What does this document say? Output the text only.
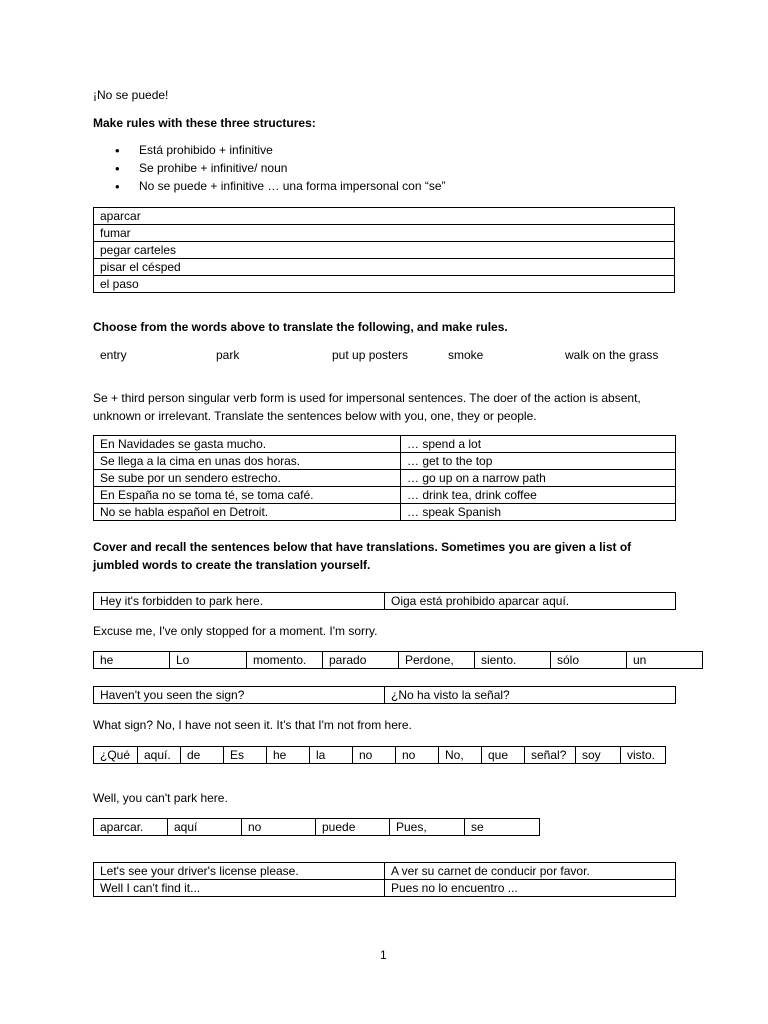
¡No se puede!
Make rules with these three structures:
• Está prohibido + infinitive
• Se prohibe + infinitive/ noun
• No se puede + infinitive … una forma impersonal con “se”
aparcar
fumar
pegar carteles
pisar el césped
el paso
Choose from the words above to translate the following, and make rules.
entry	park	put up posters	smoke	walk on the grass
Se + third person singular verb form is used for impersonal sentences. The doer of the action is absent, unknown or irrelevant. Translate the sentences below with you, one, they or people.
En Navidades se gasta mucho.	… spend a lot
Se llega a la cima en unas dos horas.	… get to the top
Se sube por un sendero estrecho.	… go up on a narrow path
En España no se toma té, se toma café.	… drink tea, drink coffee
No se habla español en Detroit.	… speak Spanish
Cover and recall the sentences below that have translations. Sometimes you are given a list of jumbled words to create the translation yourself.
Hey it's forbidden to park here.	Oiga está prohibido aparcar aquí.
Excuse me, I've only stopped for a moment. I'm sorry.
he	Lo	momento.	parado	Perdone,	siento.	sólo	un
Haven't you seen the sign?	¿No ha visto la señal?
What sign? No, I have not seen it. It’s that I'm not from here.
¿Qué	aquí.	de	Es	he	la	no	no	No,	que	señal?	soy	visto.
Well, you can't park here.
aparcar.	aquí	no	puede	Pues,	se
Let's see your driver's license please.	A ver su carnet de conducir por favor.
Well I can't find it...	Pues no lo encuentro ...
1
